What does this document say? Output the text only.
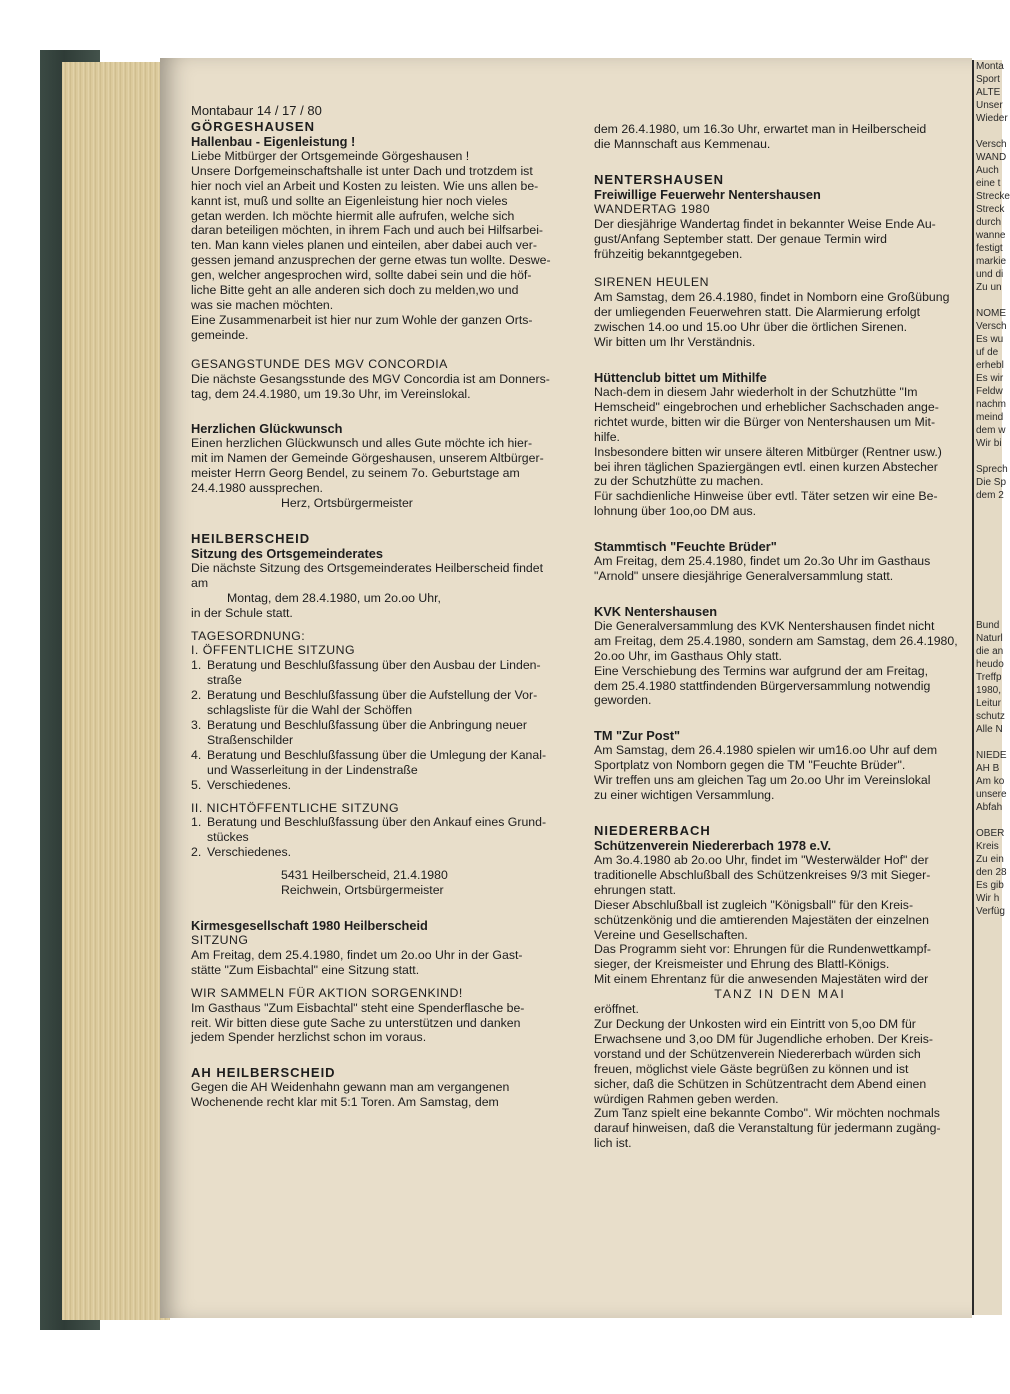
Monta
Sport
ALTE
Unser
Wieder

Versch
WAND
Auch
eine t
Strecke
Streck
durch
wanne
festigt
markie
und di
Zu un

NOME
Versch
Es wu
uf de
erhebl
Es wir
Feldw
nachm
meind
dem w
Wir bi

Sprech
Die Sp
dem 2

Bund
Naturl
die an
heudo
Treffp
1980,
Leitur
schutz
Alle N

NIEDE
AH B
Am ko
unsere
Abfah

OBER
Kreis
Zu ein
den 28
Es gib
Wir h
Verfüg

Montabaur 14 / 17 / 80

GÖRGESHAUSEN

Hallenbau - Eigenleistung !

Liebe Mitbürger der Ortsgemeinde Görgeshausen !

Unsere Dorfgemeinschaftshalle ist unter Dach und trotzdem ist

hier noch viel an Arbeit und Kosten zu leisten. Wie uns allen be-

kannt ist, muß und sollte an Eigenleistung hier noch vieles

getan werden. Ich möchte hiermit alle aufrufen, welche sich

daran beteiligen möchten, in ihrem Fach und auch bei Hilfsarbei-

ten. Man kann vieles planen und einteilen, aber dabei auch ver-

gessen jemand anzusprechen der gerne etwas tun wollte. Deswe-

gen, welcher angesprochen wird, sollte dabei sein und die höf-

liche Bitte geht an alle anderen sich doch zu melden,wo und

was sie machen möchten.

Eine Zusammenarbeit ist hier nur zum Wohle der ganzen Orts-

gemeinde.

GESANGSTUNDE DES MGV CONCORDIA

Die nächste Gesangsstunde des MGV Concordia ist am Donners-

tag, dem 24.4.1980, um 19.3o Uhr, im Vereinslokal.

Herzlichen Glückwunsch

Einen herzlichen Glückwunsch und alles Gute möchte ich hier-

mit im Namen der Gemeinde Görgeshausen, unserem Altbürger-

meister Herrn Georg Bendel, zu seinem 7o. Geburtstage am

24.4.1980 aussprechen.

Herz, Ortsbürgermeister

HEILBERSCHEID

Sitzung des Ortsgemeinderates

Die nächste Sitzung des Ortsgemeinderates Heilberscheid findet

am

Montag, dem 28.4.1980, um 2o.oo Uhr,

in der Schule statt.

TAGESORDNUNG:

I. ÖFFENTLICHE SITZUNG

1. Beratung und Beschlußfassung über den Ausbau der Linden-
straße
2. Beratung und Beschlußfassung über die Aufstellung der Vor-
schlagsliste für die Wahl der Schöffen
3. Beratung und Beschlußfassung über die Anbringung neuer
Straßenschilder
4. Beratung und Beschlußfassung über die Umlegung der Kanal-
und Wasserleitung in der Lindenstraße
5. Verschiedenes.

II. NICHTÖFFENTLICHE SITZUNG

1. Beratung und Beschlußfassung über den Ankauf eines Grund-
stückes
2. Verschiedenes.

5431 Heilberscheid, 21.4.1980

Reichwein, Ortsbürgermeister

Kirmesgesellschaft 1980 Heilberscheid

SITZUNG

Am Freitag, dem 25.4.1980, findet um 2o.oo Uhr in der Gast-

stätte "Zum Eisbachtal" eine Sitzung statt.

WIR SAMMELN FÜR AKTION SORGENKIND!

Im Gasthaus "Zum Eisbachtal" steht eine Spenderflasche be-

reit. Wir bitten diese gute Sache zu unterstützen und danken

jedem Spender herzlichst schon im voraus.

AH HEILBERSCHEID

Gegen die AH Weidenhahn gewann man am vergangenen

Wochenende recht klar mit 5:1 Toren. Am Samstag, dem

dem 26.4.1980, um 16.3o Uhr, erwartet man in Heilberscheid

die Mannschaft aus Kemmenau.

NENTERSHAUSEN

Freiwillige Feuerwehr Nentershausen

WANDERTAG 1980

Der diesjährige Wandertag findet in bekannter Weise Ende Au-

gust/Anfang September statt. Der genaue Termin wird

frühzeitig bekanntgegeben.

SIRENEN HEULEN

Am Samstag, dem 26.4.1980, findet in Nomborn eine Großübung

der umliegenden Feuerwehren statt. Die Alarmierung erfolgt

zwischen 14.oo und 15.oo Uhr über die örtlichen Sirenen.

Wir bitten um Ihr Verständnis.

Hüttenclub bittet um Mithilfe

Nach-dem in diesem Jahr wiederholt in der Schutzhütte "Im

Hemscheid" eingebrochen und erheblicher Sachschaden ange-

richtet wurde, bitten wir die Bürger von Nentershausen um Mit-

hilfe.

Insbesondere bitten wir unsere älteren Mitbürger (Rentner usw.)

bei ihren täglichen Spaziergängen evtl. einen kurzen Abstecher

zu der Schutzhütte zu machen.

Für sachdienliche Hinweise über evtl. Täter setzen wir eine Be-

lohnung über 1oo,oo DM aus.

Stammtisch "Feuchte Brüder"

Am Freitag, dem 25.4.1980, findet um 2o.3o Uhr im Gasthaus

"Arnold" unsere diesjährige Generalversammlung statt.

KVK Nentershausen

Die Generalversammlung des KVK Nentershausen findet nicht

am Freitag, dem 25.4.1980, sondern am Samstag, dem 26.4.1980,

2o.oo Uhr, im Gasthaus Ohly statt.

Eine Verschiebung des Termins war aufgrund der am Freitag,

dem 25.4.1980 stattfindenden Bürgerversammlung notwendig

geworden.

TM "Zur Post"

Am Samstag, dem 26.4.1980 spielen wir um16.oo Uhr auf dem

Sportplatz von Nomborn gegen die TM "Feuchte Brüder".

Wir treffen uns am gleichen Tag um 2o.oo Uhr im Vereinslokal

zu einer wichtigen Versammlung.

NIEDERERBACH

Schützenverein Niedererbach 1978 e.V.

Am 3o.4.1980 ab 2o.oo Uhr, findet im "Westerwälder Hof" der

traditionelle Abschlußball des Schützenkreises 9/3 mit Sieger-

ehrungen statt.

Dieser Abschlußball ist zugleich "Königsball" für den Kreis-

schützenkönig und die amtierenden Majestäten der einzelnen

Vereine und Gesellschaften.

Das Programm sieht vor: Ehrungen für die Rundenwettkampf-

sieger, der Kreismeister und Ehrung des Blattl-Königs.

Mit einem Ehrentanz für die anwesenden Majestäten wird der

TANZ IN DEN MAI

eröffnet.

Zur Deckung der Unkosten wird ein Eintritt von 5,oo DM für

Erwachsene und 3,oo DM für Jugendliche erhoben. Der Kreis-

vorstand und der Schützenverein Niedererbach würden sich

freuen, möglichst viele Gäste begrüßen zu können und ist

sicher, daß die Schützen in Schützentracht dem Abend einen

würdigen Rahmen geben werden.

Zum Tanz spielt eine bekannte Combo". Wir möchten nochmals

darauf hinweisen, daß die Veranstaltung für jedermann zugäng-

lich ist.
